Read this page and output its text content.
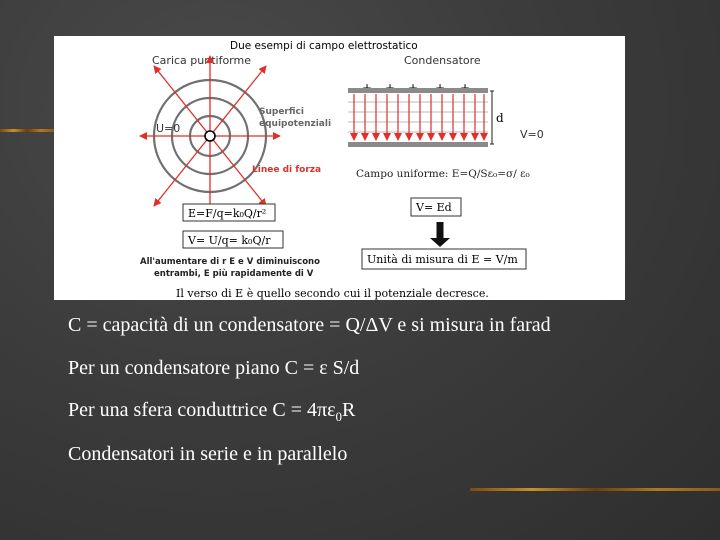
Due esempi di campo elettrostatico
Carica puntiforme
U=0
Superfici
equipotenziali
Linee di forza
E=F/q=k₀Q/r²
V= U/q= k₀Q/r
All'aumentare di r E e V diminuiscono
entrambi, E più rapidamente di V
Condensatore
d
V=0
Campo uniforme: E=Q/Sε₀=σ/ ε₀
V= Ed
Unità di misura di E = V/m
Il verso di E è quello secondo cui il potenziale decresce.
C = capacità di un condensatore = Q/ΔV e si misura in farad
Per un condensatore piano C = ε S/d
Per una sfera conduttrice $C = 4\pi\varepsilon_0R$
Condensatori in serie e in parallelo
